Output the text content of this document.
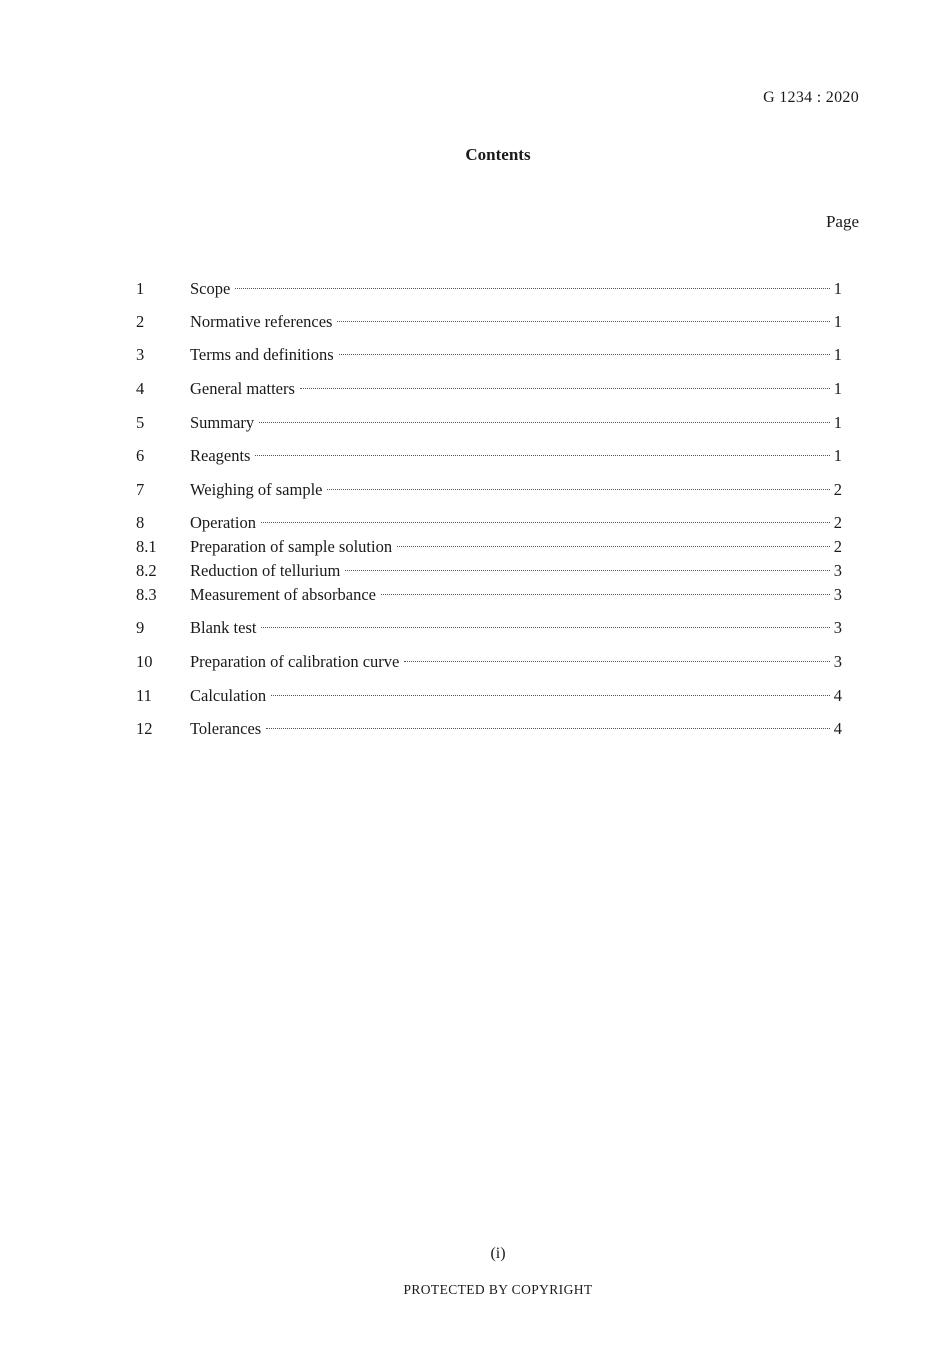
G 1234 : 2020
Contents
Page
1	Scope	1
2	Normative references	1
3	Terms and definitions	1
4	General matters	1
5	Summary	1
6	Reagents	1
7	Weighing of sample	2
8	Operation	2
8.1	Preparation of sample solution	2
8.2	Reduction of tellurium	3
8.3	Measurement of absorbance	3
9	Blank test	3
10	Preparation of calibration curve	3
11	Calculation	4
12	Tolerances	4
(i)
PROTECTED BY COPYRIGHT
